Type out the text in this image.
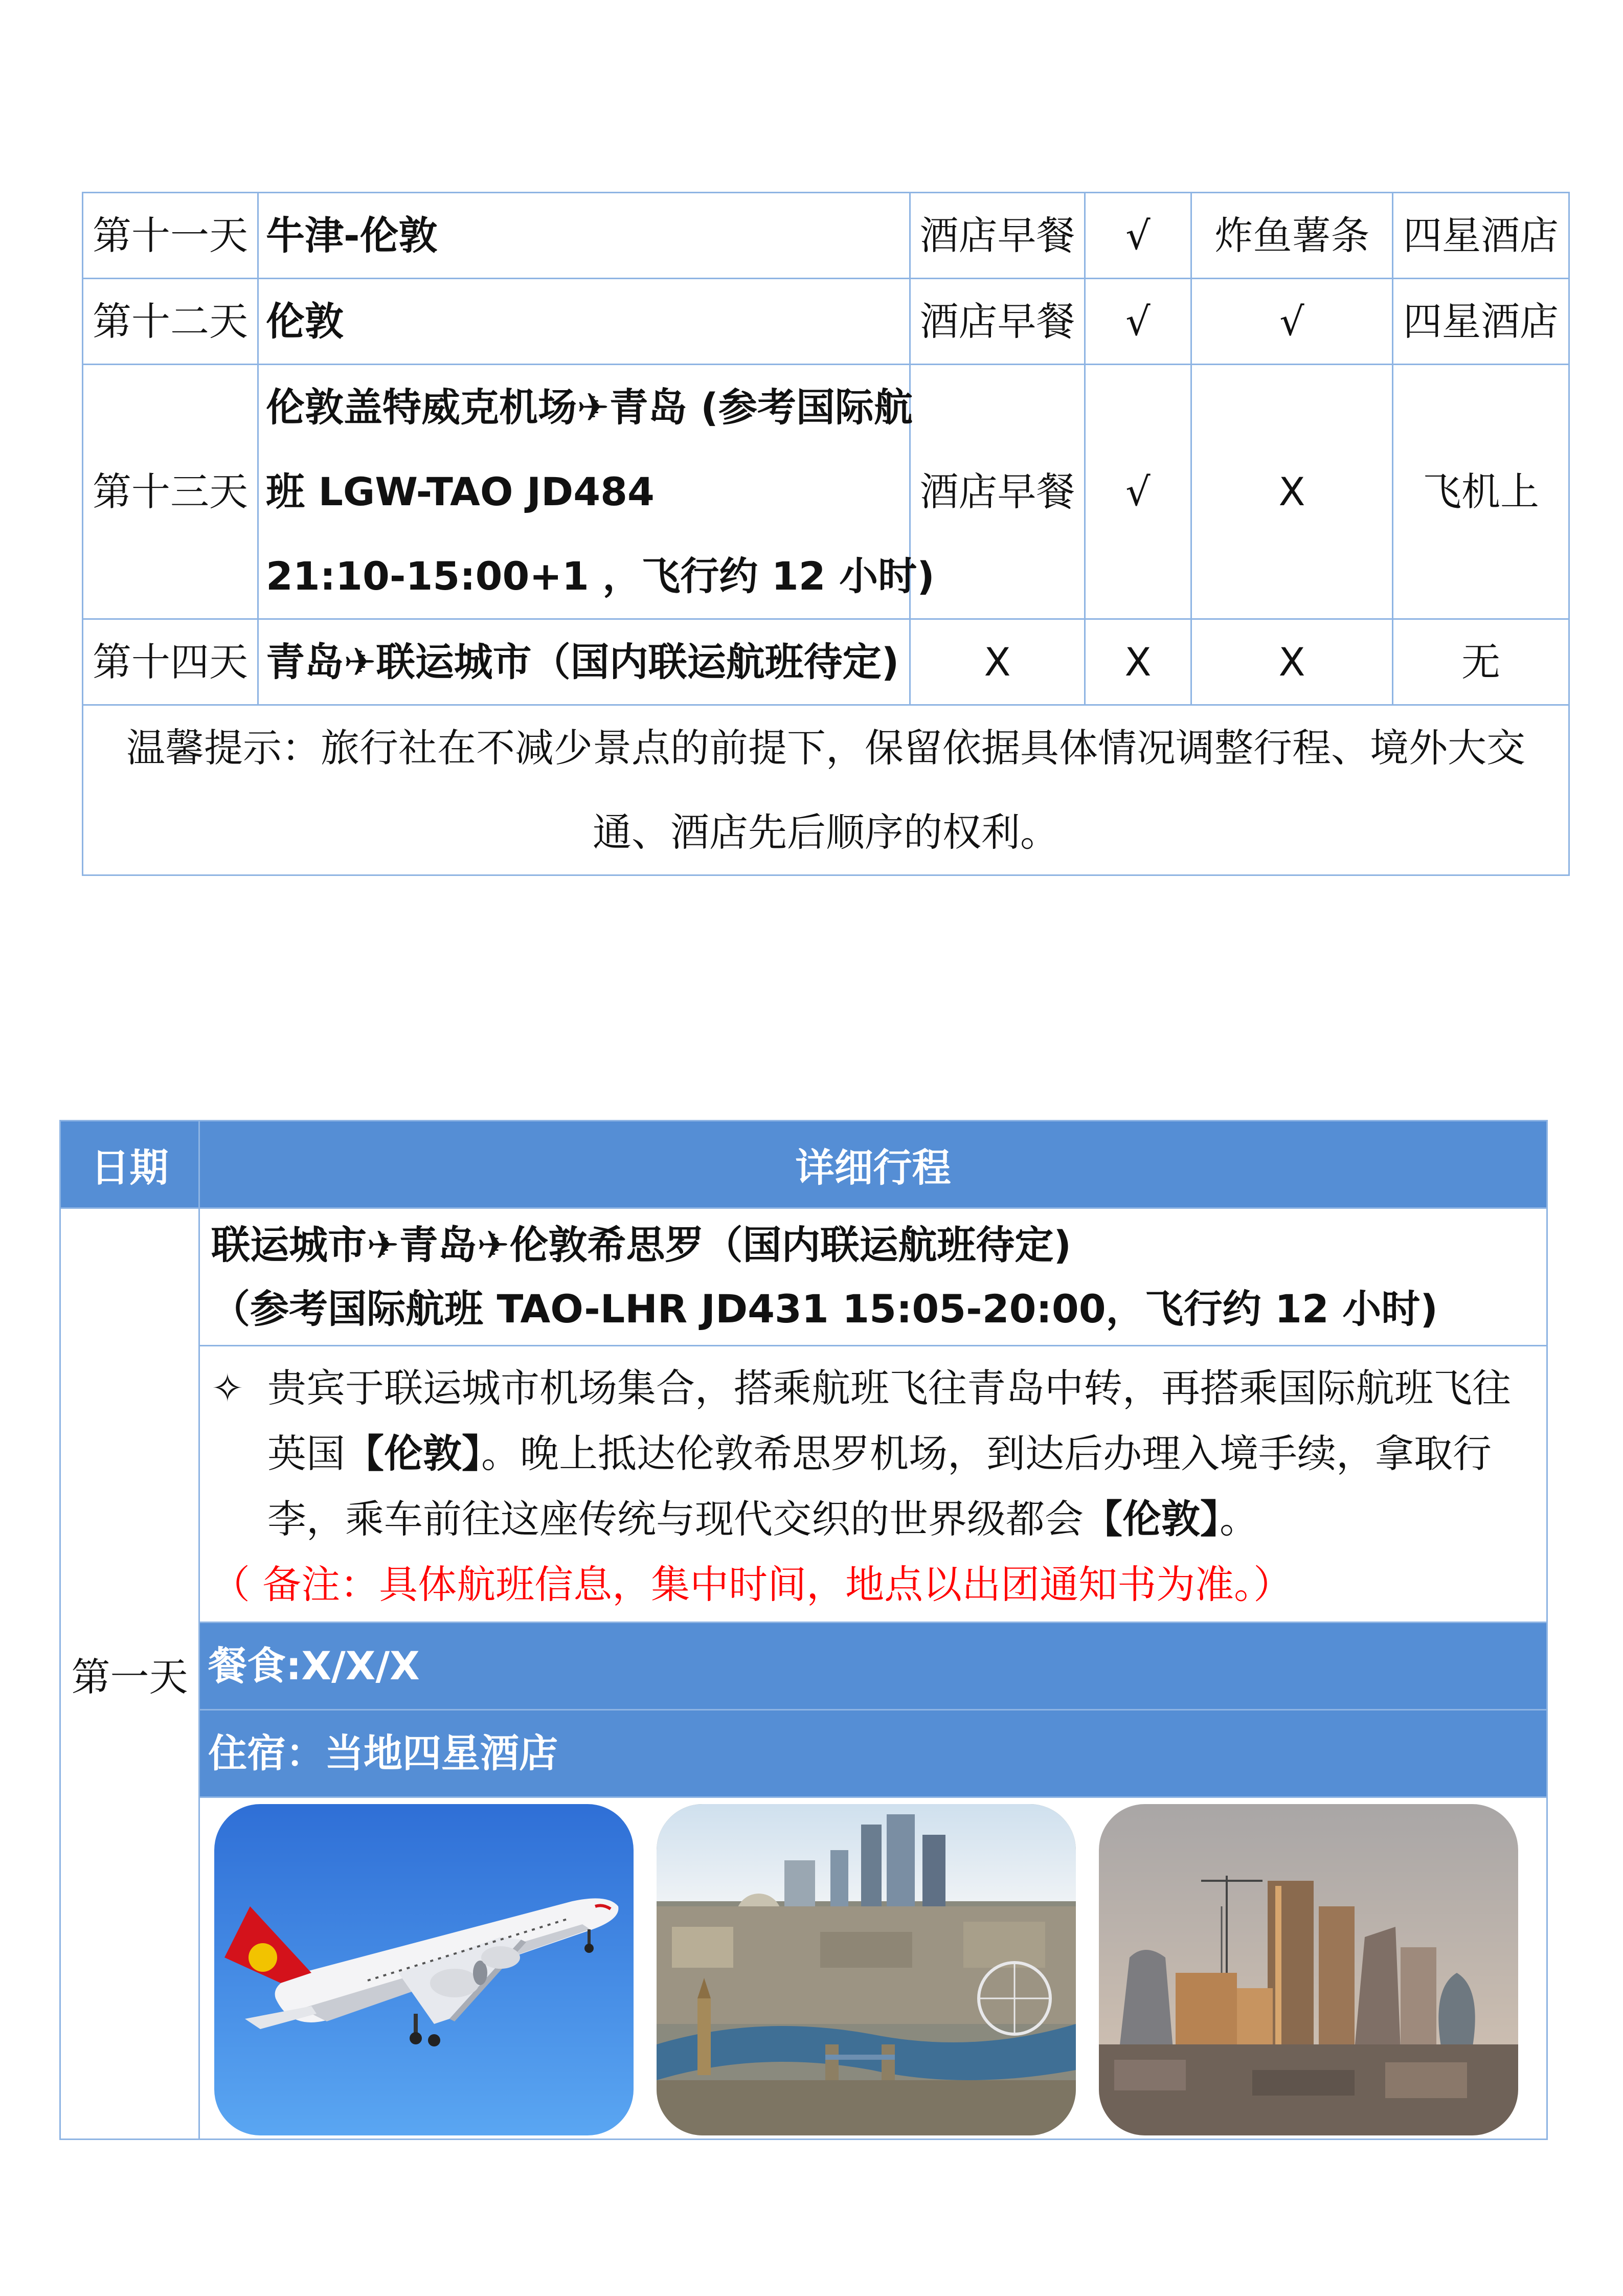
第十一天	牛津-伦敦	酒店早餐	√	炸鱼薯条	四星酒店
第十二天	伦敦	酒店早餐	√	√	四星酒店
第十三天	伦敦盖特威克机场✈青岛 (参考国际航
班 LGW-TAO JD484
21:10-15:00+1 ，飞行约 12 小时)	酒店早餐	√	X	飞机上
第十四天	青岛✈联运城市（国内联运航班待定)	X	X	X	无
温馨提示：旅行社在不减少景点的前提下，保留依据具体情况调整行程、境外大交通、酒店先后顺序的权利。					
日期	详细行程
第一天	联运城市✈青岛✈伦敦希思罗（国内联运航班待定)
（参考国际航班 TAO-LHR JD431 15:05-20:00，飞行约 12 小时)

	✧ 贵宾于联运城市机场集合，搭乘航班飞往青岛中转，再搭乘国际航班飞往英国【伦敦】。晚上抵达伦敦希思罗机场，到达后办理入境手续，拿取行李，乘车前往这座传统与现代交织的世界级都会【伦敦】。
（ 备注：具体航班信息，集中时间，地点以出团通知书为准。）

	餐食:X/X/X
	住宿：当地四星酒店
